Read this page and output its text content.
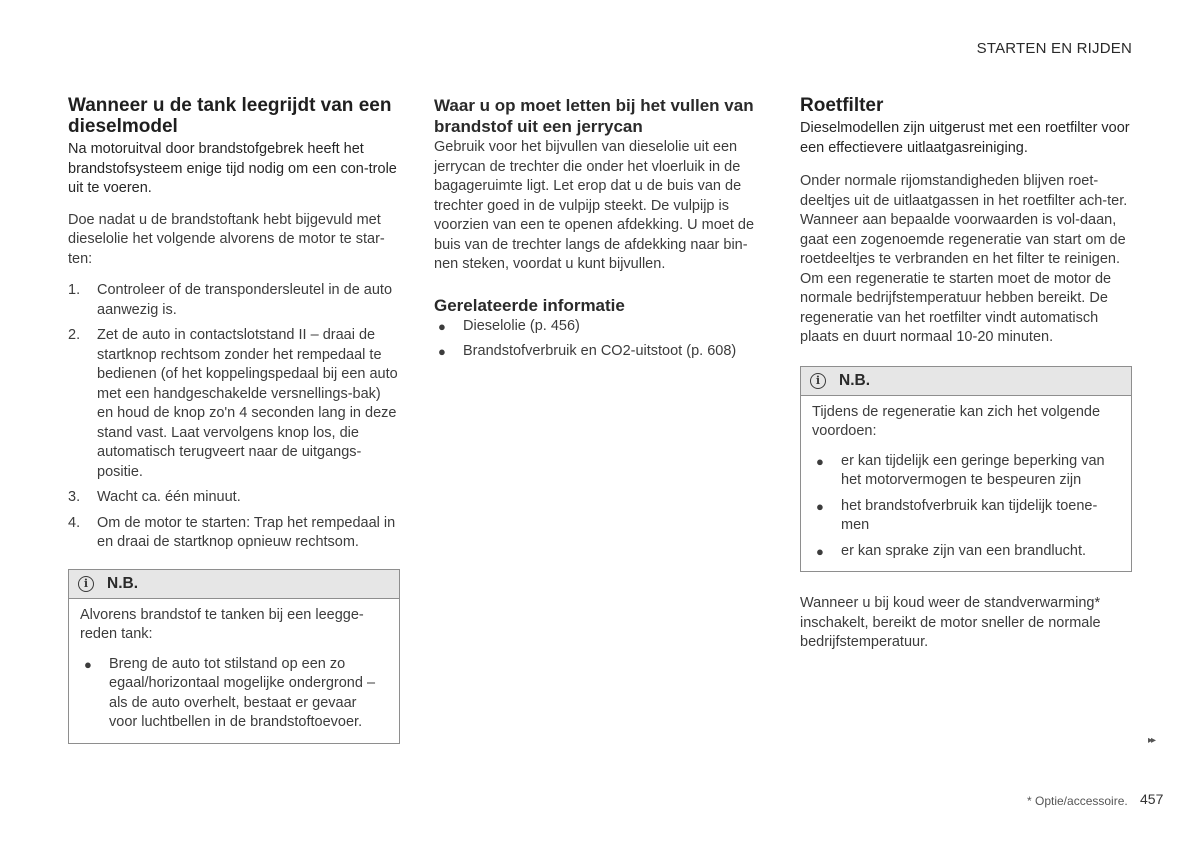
STARTEN EN RIJDEN
Wanneer u de tank leegrijdt van een dieselmodel
Na motoruitval door brandstofgebrek heeft het brandstofsysteem enige tijd nodig om een con-trole uit te voeren.
Doe nadat u de brandstoftank hebt bijgevuld met dieselolie het volgende alvorens de motor te star-ten:
1. Controleer of de transpondersleutel in de auto aanwezig is.
2. Zet de auto in contactslotstand II – draai de startknop rechtsom zonder het rempedaal te bedienen (of het koppelingspedaal bij een auto met een handgeschakelde versnellings-bak) en houd de knop zo'n 4 seconden lang in deze stand vast. Laat vervolgens knop los, die automatisch terugveert naar de uitgangs-positie.
3. Wacht ca. één minuut.
4. Om de motor te starten: Trap het rempedaal in en draai de startknop opnieuw rechtsom.
i	N.B.
Alvorens brandstof te tanken bij een leegge-reden tank:
● Breng de auto tot stilstand op een zo egaal/horizontaal mogelijke ondergrond – als de auto overhelt, bestaat er gevaar voor luchtbellen in de brandstoftoevoer.
Waar u op moet letten bij het vullen van brandstof uit een jerrycan
Gebruik voor het bijvullen van dieselolie uit een jerrycan de trechter die onder het vloerluik in de bagageruimte ligt. Let erop dat u de buis van de trechter goed in de vulpijp steekt. De vulpijp is voorzien van een te openen afdekking. U moet de buis van de trechter langs de afdekking naar bin-nen steken, voordat u kunt bijvullen.
Gerelateerde informatie
● Dieselolie (p. 456)
● Brandstofverbruik en CO2-uitstoot (p. 608)
Roetfilter
Dieselmodellen zijn uitgerust met een roetfilter voor een effectievere uitlaatgasreiniging.
Onder normale rijomstandigheden blijven roet-deeltjes uit de uitlaatgassen in het roetfilter ach-ter. Wanneer aan bepaalde voorwaarden is vol-daan, gaat een zogenoemde regeneratie van start om de roetdeeltjes te verbranden en het filter te reinigen. Om een regeneratie te starten moet de motor de normale bedrijfstemperatuur hebben bereikt. De regeneratie van het roetfilter vindt automatisch plaats en duurt normaal 10-20 minuten.
i	N.B.
Tijdens de regeneratie kan zich het volgende voordoen:
● er kan tijdelijk een geringe beperking van het motorvermogen te bespeuren zijn
● het brandstofverbruik kan tijdelijk toene-men
● er kan sprake zijn van een brandlucht.
Wanneer u bij koud weer de standverwarming* inschakelt, bereikt de motor sneller de normale bedrijfstemperatuur.
▸▸
* Optie/accessoire. 457
